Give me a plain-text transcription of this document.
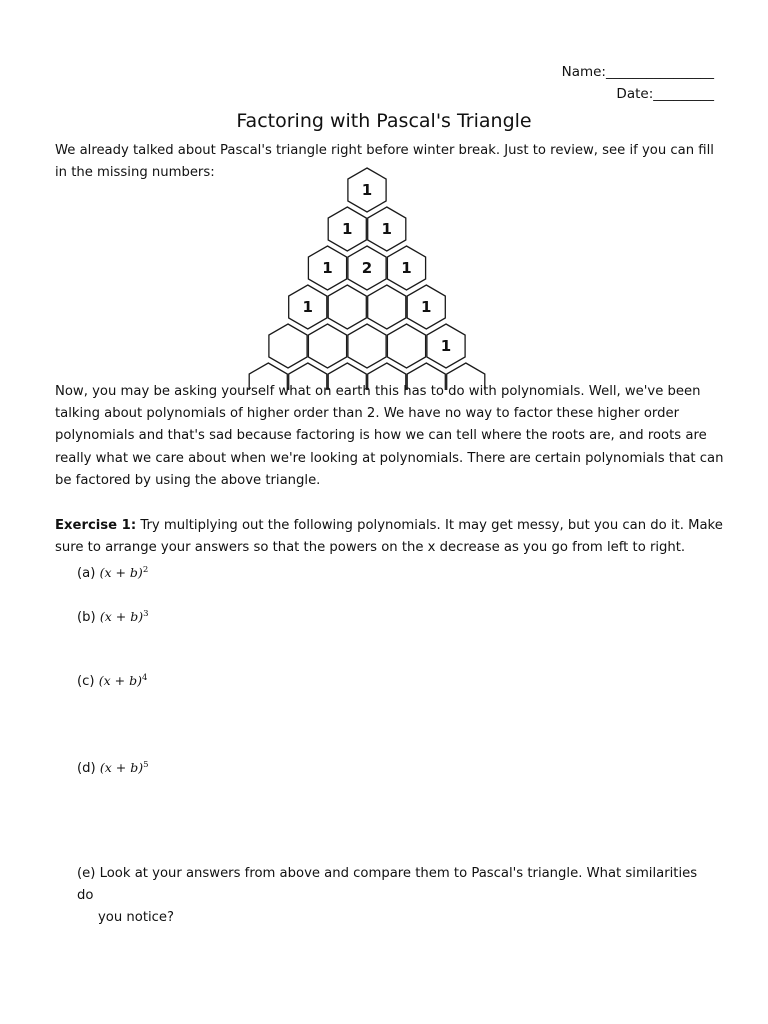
Name:________________
Date:_________
Factoring with Pascal's Triangle

We already talked about Pascal's triangle right before winter break. Just to review, see if you can fill in the missing numbers:

1
1 1
1 2 1
1	1
1

Now, you may be asking yourself what on earth this has to do with polynomials. Well, we've been talking about polynomials of higher order than 2. We have no way to factor these higher order polynomials and that's sad because factoring is how we can tell where the roots are, and roots are really what we care about when we're looking at polynomials. There are certain polynomials that can be factored by using the above triangle.

Exercise 1: Try multiplying out the following polynomials. It may get messy, but you can do it. Make sure to arrange your answers so that the powers on the x decrease as you go from left to right.

(a) $(x + b)^2$

(b) $(x + b)^3$

(c) $(x + b)^4$

(d) $(x + b)^5$

(e) Look at your answers from above and compare them to Pascal's triangle. What similarities do
you notice?
